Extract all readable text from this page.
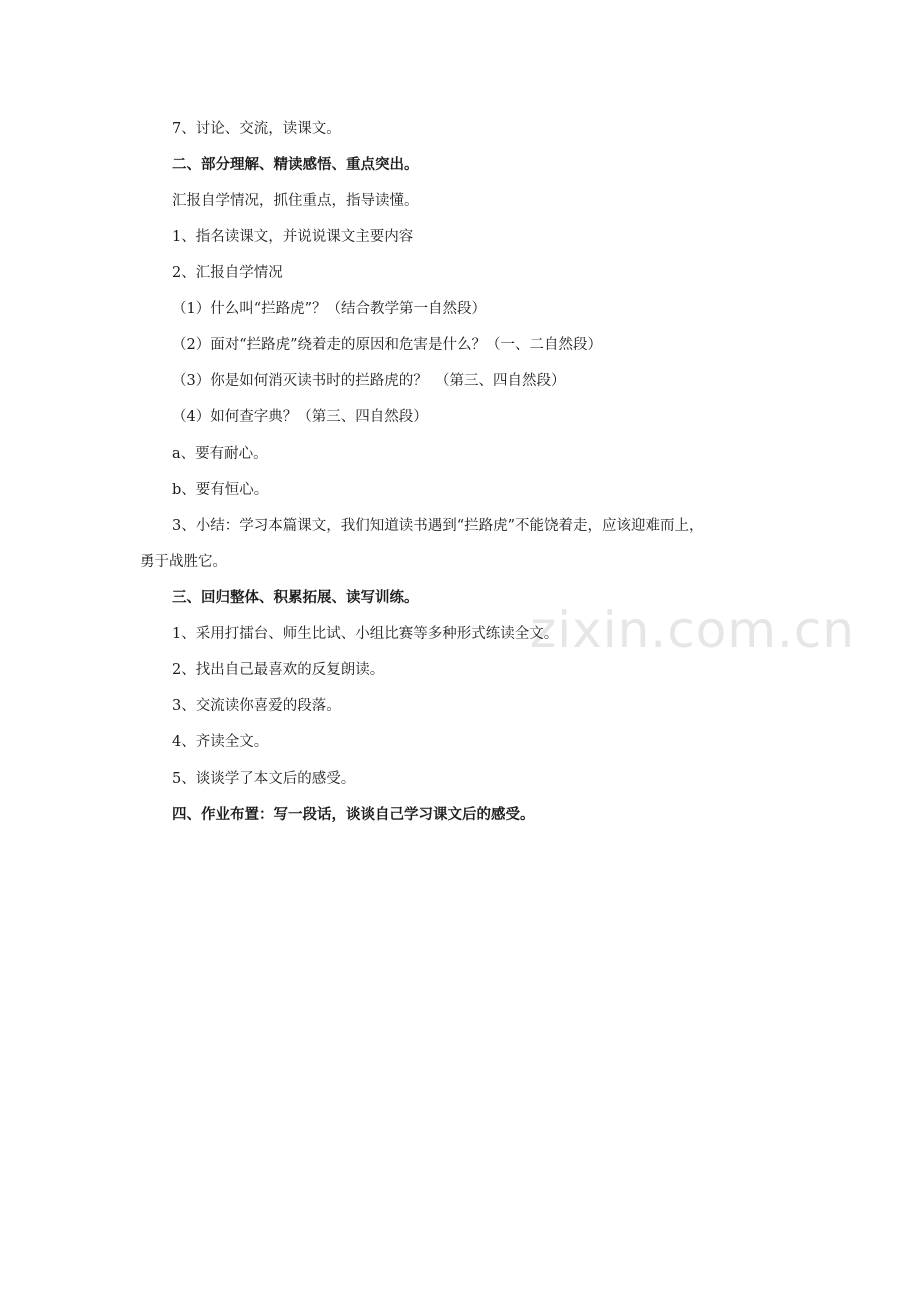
zixin.com.cn
7、讨论、交流，读课文。
二、部分理解、精读感悟、重点突出。
汇报自学情况，抓住重点，指导读懂。
1、指名读课文，并说说课文主要内容
2、汇报自学情况
（1）什么叫“拦路虎”？（结合教学第一自然段）
（2）面对“拦路虎”绕着走的原因和危害是什么？（一、二自然段）
（3）你是如何消灭读书时的拦路虎的？　（第三、四自然段）
（4）如何查字典？（第三、四自然段）
a、要有耐心。
b、要有恒心。
3、小结：学习本篇课文，我们知道读书遇到“拦路虎”不能饶着走，应该迎难而上，
勇于战胜它。
三、回归整体、积累拓展、读写训练。
1、采用打擂台、师生比试、小组比赛等多种形式练读全文。
2、找出自己最喜欢的反复朗读。
3、交流读你喜爱的段落。
4、齐读全文。
5、谈谈学了本文后的感受。
四、作业布置：写一段话，谈谈自己学习课文后的感受。
